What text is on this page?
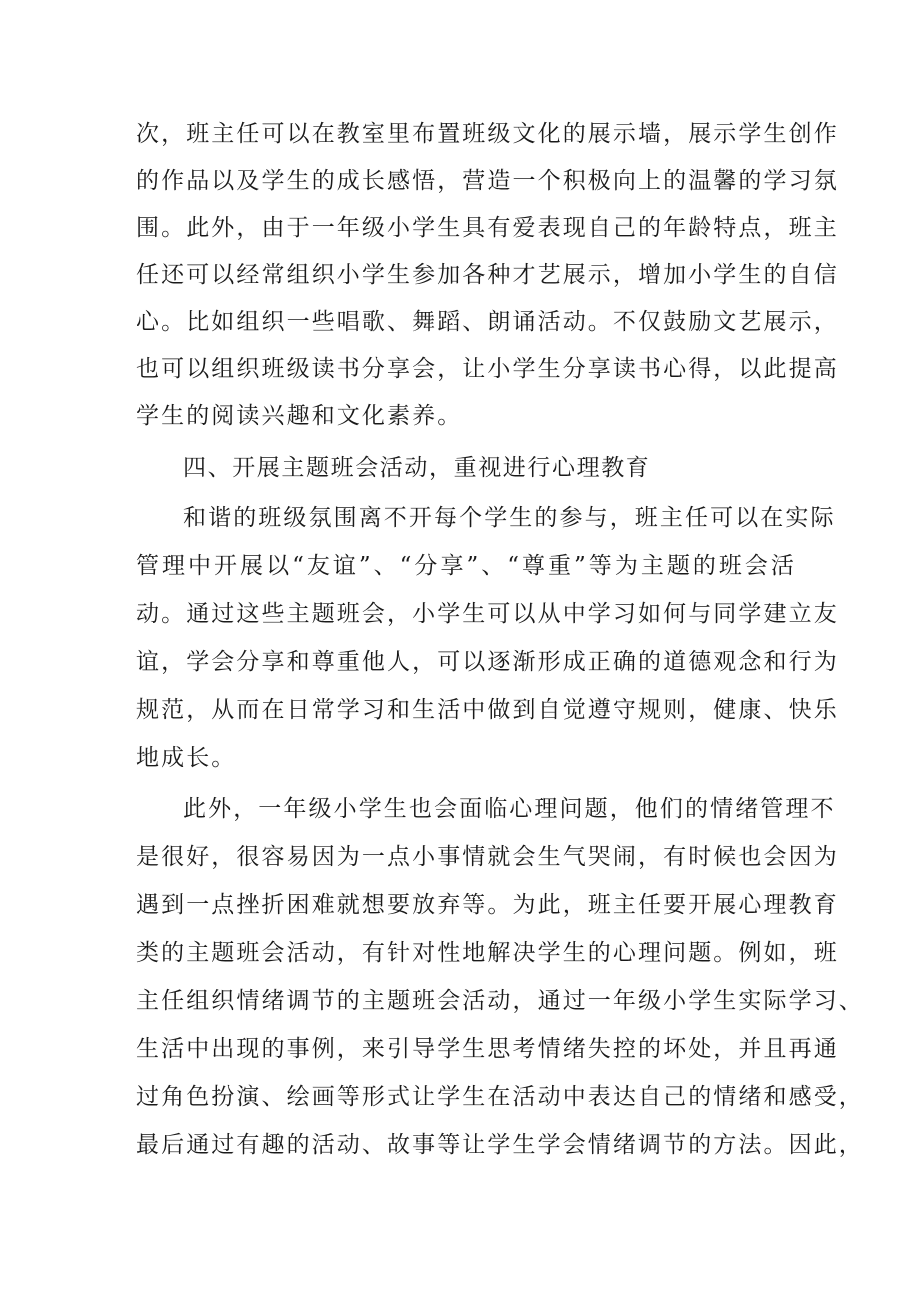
次，班主任可以在教室里布置班级文化的展示墙，展示学生创作
的作品以及学生的成长感悟，营造一个积极向上的温馨的学习氛
围。此外，由于一年级小学生具有爱表现自己的年龄特点，班主
任还可以经常组织小学生参加各种才艺展示，增加小学生的自信
心。比如组织一些唱歌、舞蹈、朗诵活动。不仅鼓励文艺展示，
也可以组织班级读书分享会，让小学生分享读书心得，以此提高
学生的阅读兴趣和文化素养。
四、开展主题班会活动，重视进行心理教育
和谐的班级氛围离不开每个学生的参与，班主任可以在实际
管理中开展以“友谊”、“分享”、“尊重”等为主题的班会活
动。通过这些主题班会，小学生可以从中学习如何与同学建立友
谊，学会分享和尊重他人，可以逐渐形成正确的道德观念和行为
规范，从而在日常学习和生活中做到自觉遵守规则，健康、快乐
地成长。
此外，一年级小学生也会面临心理问题，他们的情绪管理不
是很好，很容易因为一点小事情就会生气哭闹，有时候也会因为
遇到一点挫折困难就想要放弃等。为此，班主任要开展心理教育
类的主题班会活动，有针对性地解决学生的心理问题。例如，班
主任组织情绪调节的主题班会活动，通过一年级小学生实际学习、
生活中出现的事例，来引导学生思考情绪失控的坏处，并且再通
过角色扮演、绘画等形式让学生在活动中表达自己的情绪和感受，
最后通过有趣的活动、故事等让学生学会情绪调节的方法。因此，
